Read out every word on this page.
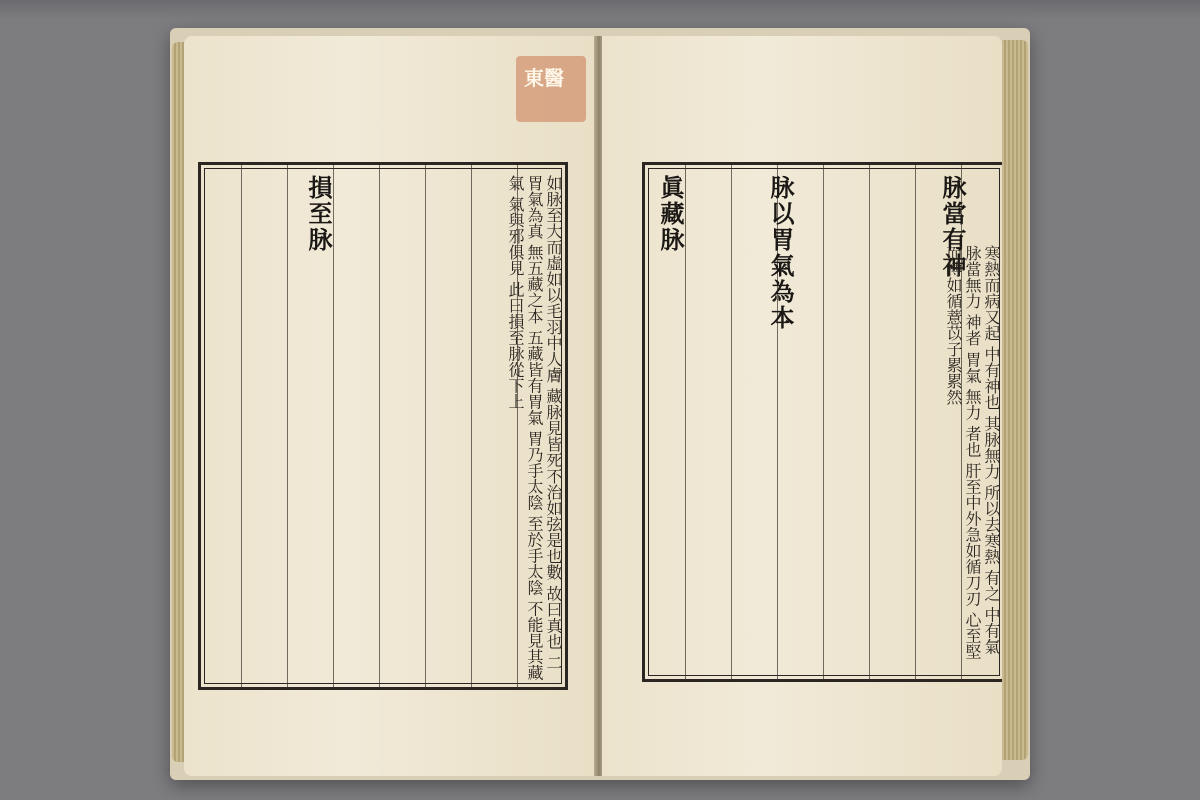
東醫
損至脉	如脉至大而虛如以毛羽中人膚 藏脉見皆死不治如弦是也數 故曰真也 二胃氣為真 無五藏之本 五藏皆有胃氣 胃乃手太陰 至於手太陰 不能見其藏氣 氣與邪俱見 此曰損至脉從下上	脉當有神
脉以胃氣為本
眞藏脉
寒熱而病又起 中有神也 其脉無力 所以去寒熱 有之 中有氣 脉當無力 神者 胃氣 無力 者也 肝至中外急如循刀刃 心至堅而搏如循薏苡子累累然
